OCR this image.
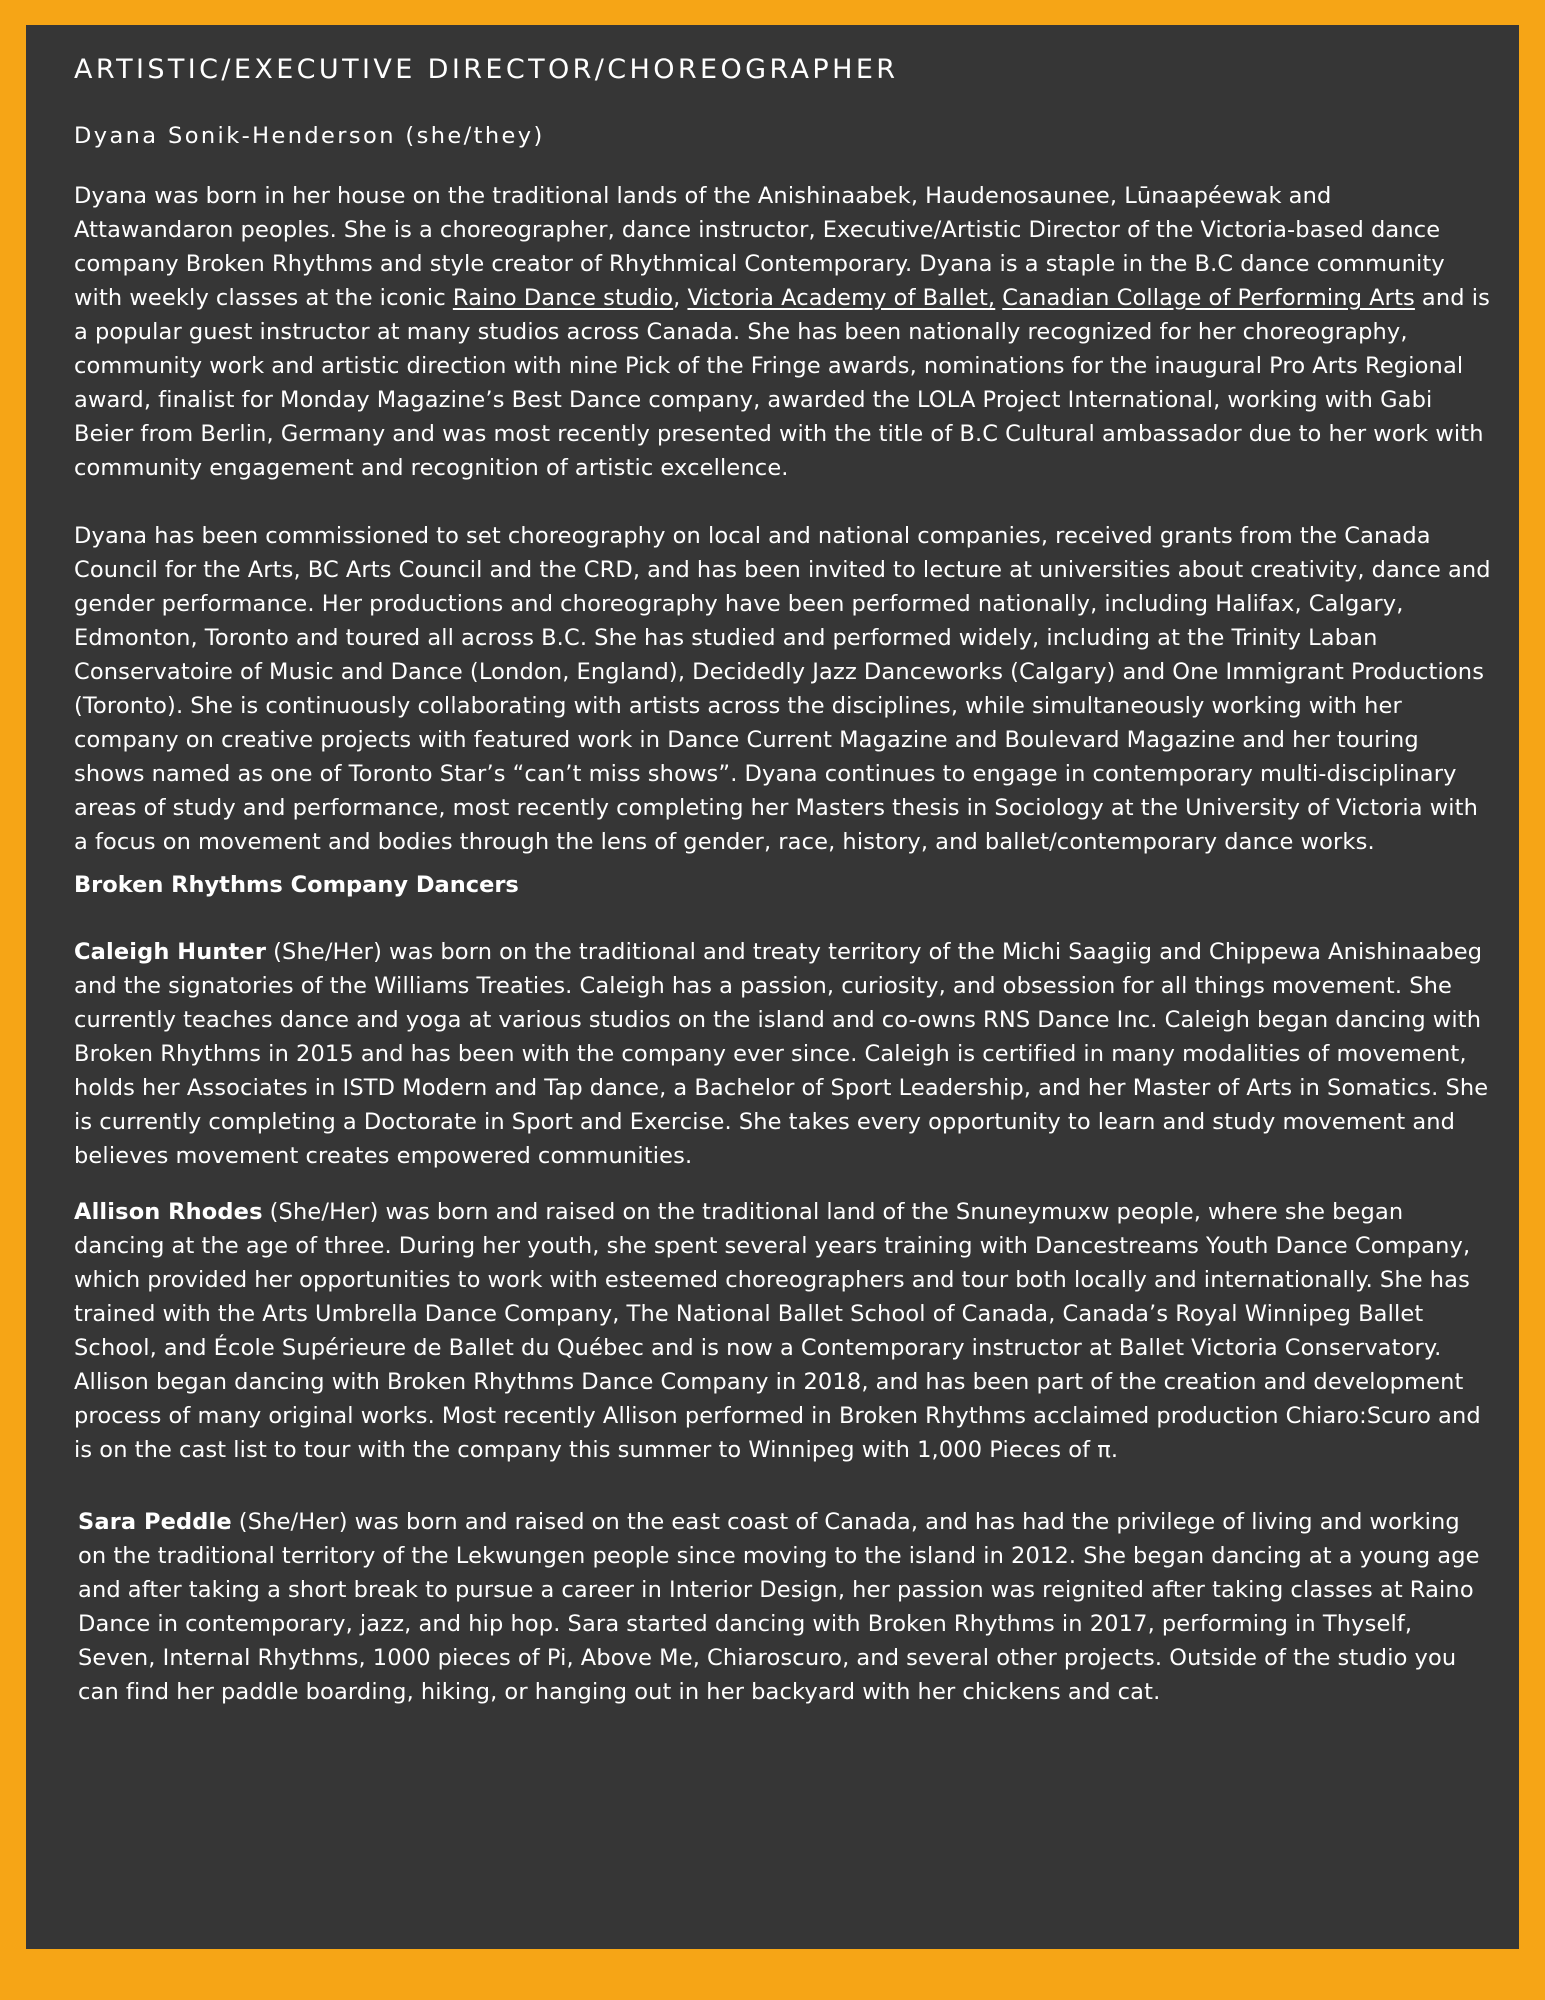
ARTISTIC/EXECUTIVE DIRECTOR/CHOREOGRAPHER
Dyana Sonik-Henderson (she/they)

Dyana was born in her house on the traditional lands of the Anishinaabek, Haudenosaunee, Lūnaapéewak and Attawandaron peoples. She is a choreographer, dance instructor, Executive/Artistic Director of the Victoria-based dance company Broken Rhythms and style creator of Rhythmical Contemporary. Dyana is a staple in the B.C dance community with weekly classes at the iconic Raino Dance studio, Victoria Academy of Ballet, Canadian Collage of Performing Arts and is a popular guest instructor at many studios across Canada. She has been nationally recognized for her choreography, community work and artistic direction with nine Pick of the Fringe awards, nominations for the inaugural Pro Arts Regional award, finalist for Monday Magazine’s Best Dance company, awarded the LOLA Project International, working with Gabi Beier from Berlin, Germany and was most recently presented with the title of B.C Cultural ambassador due to her work with community engagement and recognition of artistic excellence.

Dyana has been commissioned to set choreography on local and national companies, received grants from the Canada Council for the Arts, BC Arts Council and the CRD, and has been invited to lecture at universities about creativity, dance and gender performance. Her productions and choreography have been performed nationally, including Halifax, Calgary, Edmonton, Toronto and toured all across B.C. She has studied and performed widely, including at the Trinity Laban Conservatoire of Music and Dance (London, England), Decidedly Jazz Danceworks (Calgary) and One Immigrant Productions (Toronto). She is continuously collaborating with artists across the disciplines, while simultaneously working with her company on creative projects with featured work in Dance Current Magazine and Boulevard Magazine and her touring shows named as one of Toronto Star’s “can’t miss shows”. Dyana continues to engage in contemporary multi-disciplinary areas of study and performance, most recently completing her Masters thesis in Sociology at the University of Victoria with a focus on movement and bodies through the lens of gender, race, history, and ballet/contemporary dance works.

Broken Rhythms Company Dancers

Caleigh Hunter (She/Her) was born on the traditional and treaty territory of the Michi Saagiig and Chippewa Anishinaabeg and the signatories of the Williams Treaties. Caleigh has a passion, curiosity, and obsession for all things movement. She currently teaches dance and yoga at various studios on the island and co-owns RNS Dance Inc. Caleigh began dancing with Broken Rhythms in 2015 and has been with the company ever since. Caleigh is certified in many modalities of movement, holds her Associates in ISTD Modern and Tap dance, a Bachelor of Sport Leadership, and her Master of Arts in Somatics. She is currently completing a Doctorate in Sport and Exercise. She takes every opportunity to learn and study movement and believes movement creates empowered communities.

Allison Rhodes (She/Her) was born and raised on the traditional land of the Snuneymuxw people, where she began dancing at the age of three. During her youth, she spent several years training with Dancestreams Youth Dance Company, which provided her opportunities to work with esteemed choreographers and tour both locally and internationally. She has trained with the Arts Umbrella Dance Company, The National Ballet School of Canada, Canada’s Royal Winnipeg Ballet School, and École Supérieure de Ballet du Québec and is now a Contemporary instructor at Ballet Victoria Conservatory. Allison began dancing with Broken Rhythms Dance Company in 2018, and has been part of the creation and development process of many original works. Most recently Allison performed in Broken Rhythms acclaimed production Chiaro:Scuro and is on the cast list to tour with the company this summer to Winnipeg with 1,000 Pieces of π.

Sara Peddle (She/Her) was born and raised on the east coast of Canada, and has had the privilege of living and working on the traditional territory of the Lekwungen people since moving to the island in 2012. She began dancing at a young age and after taking a short break to pursue a career in Interior Design, her passion was reignited after taking classes at Raino Dance in contemporary, jazz, and hip hop. Sara started dancing with Broken Rhythms in 2017, performing in Thyself, Seven, Internal Rhythms, 1000 pieces of Pi, Above Me, Chiaroscuro, and several other projects. Outside of the studio you can find her paddle boarding, hiking, or hanging out in her backyard with her chickens and cat.
